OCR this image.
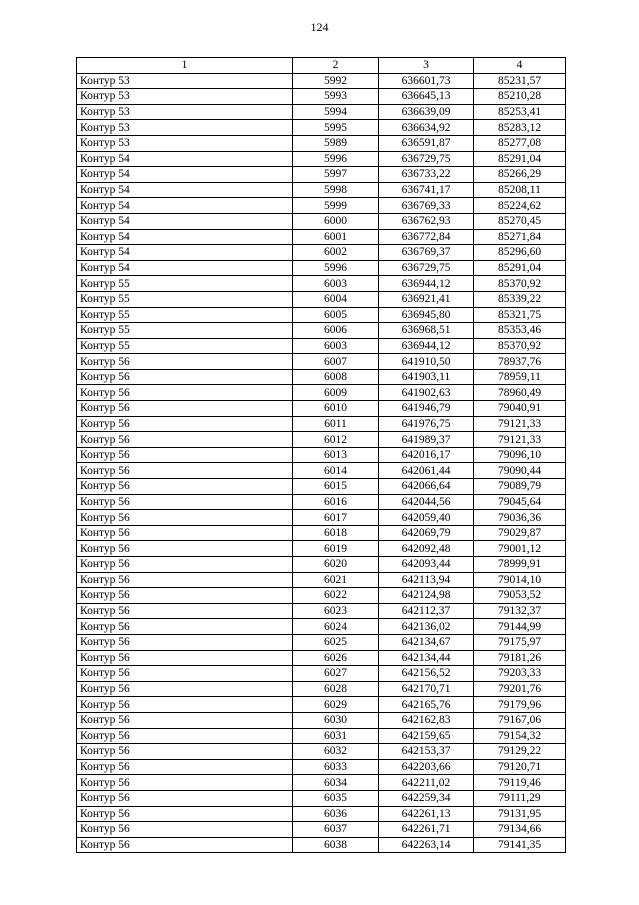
124
1	2	3	4
Контур 53	5992	636601,73	85231,57
Контур 53	5993	636645,13	85210,28
Контур 53	5994	636639,09	85253,41
Контур 53	5995	636634,92	85283,12
Контур 53	5989	636591,87	85277,08
Контур 54	5996	636729,75	85291,04
Контур 54	5997	636733,22	85266,29
Контур 54	5998	636741,17	85208,11
Контур 54	5999	636769,33	85224,62
Контур 54	6000	636762,93	85270,45
Контур 54	6001	636772,84	85271,84
Контур 54	6002	636769,37	85296,60
Контур 54	5996	636729,75	85291,04
Контур 55	6003	636944,12	85370,92
Контур 55	6004	636921,41	85339,22
Контур 55	6005	636945,80	85321,75
Контур 55	6006	636968,51	85353,46
Контур 55	6003	636944,12	85370,92
Контур 56	6007	641910,50	78937,76
Контур 56	6008	641903,11	78959,11
Контур 56	6009	641902,63	78960,49
Контур 56	6010	641946,79	79040,91
Контур 56	6011	641976,75	79121,33
Контур 56	6012	641989,37	79121,33
Контур 56	6013	642016,17	79096,10
Контур 56	6014	642061,44	79090,44
Контур 56	6015	642066,64	79089,79
Контур 56	6016	642044,56	79045,64
Контур 56	6017	642059,40	79036,36
Контур 56	6018	642069,79	79029,87
Контур 56	6019	642092,48	79001,12
Контур 56	6020	642093,44	78999,91
Контур 56	6021	642113,94	79014,10
Контур 56	6022	642124,98	79053,52
Контур 56	6023	642112,37	79132,37
Контур 56	6024	642136,02	79144,99
Контур 56	6025	642134,67	79175,97
Контур 56	6026	642134,44	79181,26
Контур 56	6027	642156,52	79203,33
Контур 56	6028	642170,71	79201,76
Контур 56	6029	642165,76	79179,96
Контур 56	6030	642162,83	79167,06
Контур 56	6031	642159,65	79154,32
Контур 56	6032	642153,37	79129,22
Контур 56	6033	642203,66	79120,71
Контур 56	6034	642211,02	79119,46
Контур 56	6035	642259,34	79111,29
Контур 56	6036	642261,13	79131,95
Контур 56	6037	642261,71	79134,66
Контур 56	6038	642263,14	79141,35
